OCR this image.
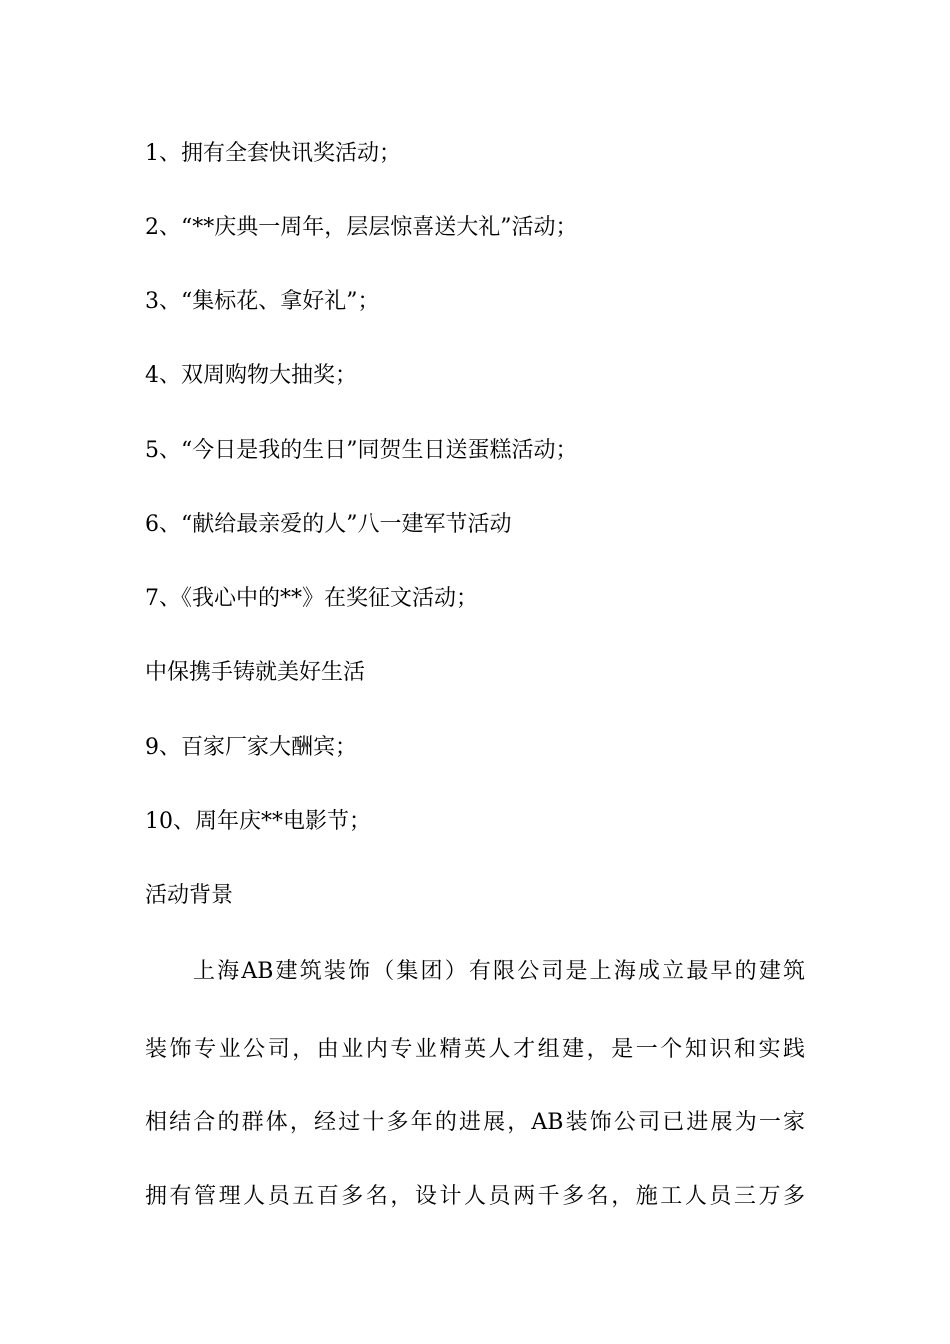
1、拥有全套快讯奖活动；
2、“**庆典一周年，层层惊喜送大礼”活动；
3、“集标花、拿好礼”；
4、双周购物大抽奖；
5、“今日是我的生日”同贺生日送蛋糕活动；
6、“献给最亲爱的人”八一建军节活动
7、《我心中的**》在奖征文活动；
中保携手铸就美好生活
9、百家厂家大酬宾；
10、周年庆**电影节；
活动背景
上海AB建筑装饰（集团）有限公司是上海成立最早的建筑
装饰专业公司，由业内专业精英人才组建，是一个知识和实践
相结合的群体，经过十多年的进展，AB装饰公司已进展为一家
拥有管理人员五百多名，设计人员两千多名，施工人员三万多
